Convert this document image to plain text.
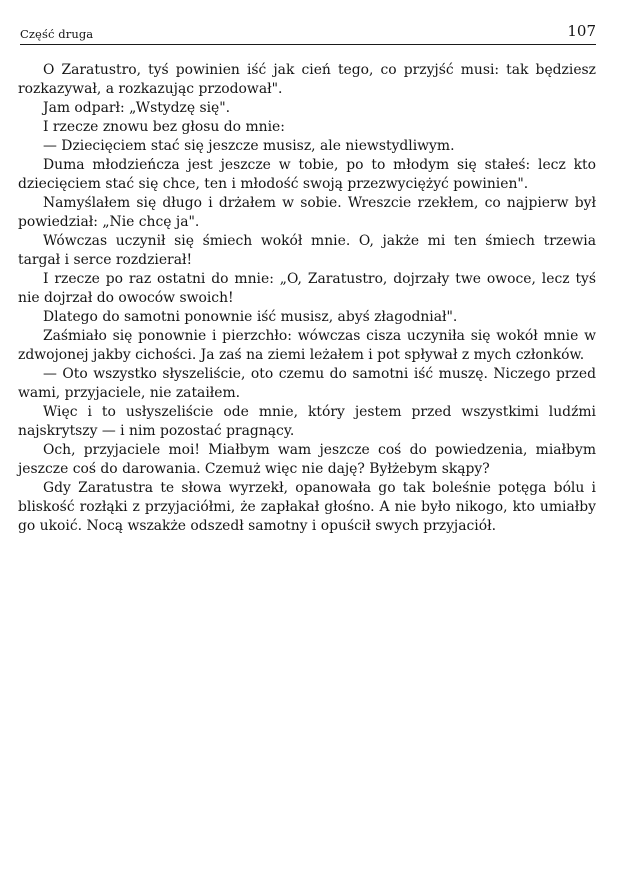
Część druga	107

O Zaratustro, tyś powinien iść jak cień tego, co przyjść musi: tak będziesz rozkazywał, a rozkazując przodował".

Jam odparł: „Wstydzę się".

I rzecze znowu bez głosu do mnie:

— Dziecięciem stać się jeszcze musisz, ale niewstydliwym.

Duma młodzieńcza jest jeszcze w tobie, po to młodym się stałeś: lecz kto dziecięciem stać się chce, ten i młodość swoją przezwyciężyć powinien".

Namyślałem się długo i drżałem w sobie. Wreszcie rzekłem, co najpierw był powiedział: „Nie chcę ja".

Wówczas uczynił się śmiech wokół mnie. O, jakże mi ten śmiech trzewia targał i serce rozdzierał!

I rzecze po raz ostatni do mnie: „O, Zaratustro, dojrzały twe owoce, lecz tyś nie dojrzał do owoców swoich!

Dlatego do samotni ponownie iść musisz, abyś złagodniał".

Zaśmiało się ponownie i pierzchło: wówczas cisza uczyniła się wokół mnie w zdwojonej jakby cichości. Ja zaś na ziemi leżałem i pot spływał z mych członków.

— Oto wszystko słyszeliście, oto czemu do samotni iść muszę. Niczego przed wami, przyjaciele, nie zataiłem.

Więc i to usłyszeliście ode mnie, który jestem przed wszystkimi ludźmi najskrytszy — i nim pozostać pragnący.

Och, przyjaciele moi! Miałbym wam jeszcze coś do powiedzenia, miałbym jeszcze coś do darowania. Czemuż więc nie daję? Byłżebym skąpy?

Gdy Zaratustra te słowa wyrzekł, opanowała go tak boleśnie potęga bólu i bliskość rozłąki z przyjaciółmi, że zapłakał głośno. A nie było nikogo, kto umiałby go ukoić. Nocą wszakże odszedł samotny i opuścił swych przyjaciół.
